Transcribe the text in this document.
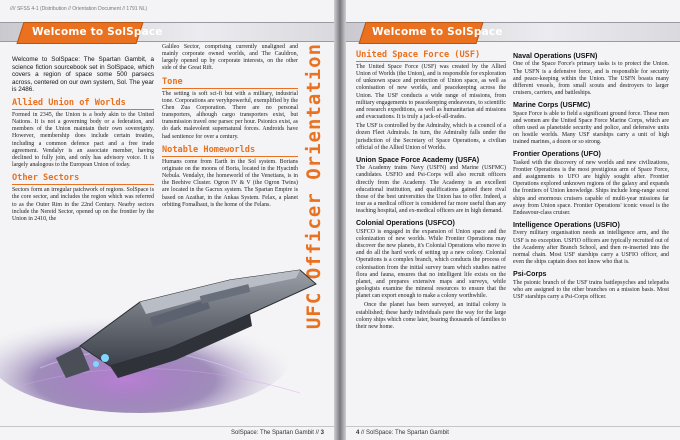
//// SFSS 4-1 (Distribution // Orientation Document // 1791 NL)
Welcome to SolSpace

Welcome to SolSpace: The Spartan Gambit, a science fiction sourcebook set in SolSpace, which covers a region of space some 500 parsecs across, centered on our own system, Sol. The year is 2486.

Allied Union of Worlds

Formed in 2345, the Union is a body akin to the United Nations. It is not a governing body or a federation, and members of the Union maintain their own sovereignty. However, membership does include certain treaties, including a common defence pact and a free trade agreement. Vendalyr is an associate member, having declined to fully join, and only has advisory voice. It is largely analogous to the European Union of today.

Other Sectors

Sectors form an irregular patchwork of regions. SolSpace is the core sector, and includes the region which was referred to as the Outer Rim in the 22nd Century. Nearby sectors include the Nereid Sector, opened up on the frontier by the Union in 2410, the

Galileo Sector, comprising currently unaligned and mainly corporate owned worlds, and The Cauldron, largely opened up by corporate interests, on the other side of the Great Rift.

Tone

The setting is soft sci-fi but with a military, industrial tone. Corporations are veryhpowerful, exemplified by the Chen Zua Corporation. There are no personal transporters, although cargo transporters exist, but transmission travel one parsec per hour. Psionics exist, as do dark malevolent supernatural forces. Androids have had sentience for over a century.

Notable Homeworlds

Humans come from Earth in the Sol system. Borians originate on the moons of Boria, located in the Hyacinth Nebula. Vendalyr, the homeworld of the Venetians, is in the Beehive Cluster. Ogron IV & V (the Ogron Twins) are located in the Gacrux system. The Spartan Empire is based on Azathar, in the Ankaa System. Felax, a planet orbiting Fomalhaut, is the home of the Felans.	UFC Officer Orientation
SolSpace: The Spartan Gambit // 3
Welcome to SolSpace
United Space Force (USF)

The United Space Force (USF) was created by the Allied Union of Worlds (the Union), and is responsible for exploration of unknown space and protection of Union space, as well as colonisation of new worlds, and peacekeeping across the Union. The USF conducts a wide range of missions, from military engagements to peacekeeping endeavours, to scientific and research expeditions, as well as humanitarian aid missions and evacuations. It is truly a jack-of-all-trades.

The USF is controlled by the Admiralty, which is a council of a dozen Fleet Admirals. In turn, the Admiralty falls under the jurisdiction of the Secretary of Space Operations, a civilian official of the Allied Union of Worlds.

Union Space Force Academy (USFA)

The Academy trains Navy (USFN) and Marine (USFMC) candidates. USFIO and Psi-Corps will also recruit officers directly from the Academy. The Academy is an excellent educational institution, and qualifications gained there rival those of the best universities the Union has to offer. Indeed, a tour as a medical officer is considered far more useful than any teaching hospital, and ex-medical officers are in high demand.

Colonial Operations (USFCO)

USFCO is engaged in the expansion of Union space and the colonization of new worlds. While Frontier Operations may discover the new planets, it's Colonial Operations who move in and do all the hard work of setting up a new colony. Colonial Operations is a complex branch, which conducts the process of colonisation from the initial survey team which studies native flora and fauna, ensures that no intelligent life exists on the planet, and prepares extensive maps and surveys, while geologists examine the mineral resources to ensure that the planet can export enough to make a colony worthwhile.

Once the planet has been surveyed, an initial colony is established; these hardy individuals pave the way for the large colony ships which come later, bearing thousands of families to their new home.

Naval Operations (USFN)

One of the Space Force's primary tasks is to protect the Union. The USFN is a defensive force, and is responsible for security and peace-keeping within the Union. The USFN boasts many different vessels, from small scouts and destroyers to larger cruisers, carriers, and battleships.

Marine Corps (USFMC)

Space Force is able to field a significant ground force. These men and women are the United Space Force Marine Corps, which are often used as planetside security and police, and defensive units on hostile worlds. Many USF starships carry a unit of high trained marines, a dozen or so strong.

Frontier Operations (UFO)

Tasked with the discovery of new worlds and new civilizations, Frontier Operations is the most prestigious arm of Space Force, and assignments to UFO are highly sought after. Frontier Operations explored unknown regions of the galaxy and expands the frontiers of Union knowledge. Ships include long-range scout ships and enormous cruisers capable of multi-year missions far away from Union space. Frontier Operations' iconic vessel is the Endeavour-class cruiser.

Intelligence Operations (USFIO)

Every military organisation needs an intelligence arm, and the USF is no exception. USFIO officers are typically recruited out of the Academy after Branch School, and then re-inserted into the normal chain. Most USF starships carry a USFIO officer, and even the ships captain does not know who that is.

Psi-Corps

The psionic branch of the USF trains battlepsyches and telepaths who are assigned to the other branches on a mission basis. Most USF starships carry a Psi-Corps officer.

4 // SolSpace: The Spartan Gambit
